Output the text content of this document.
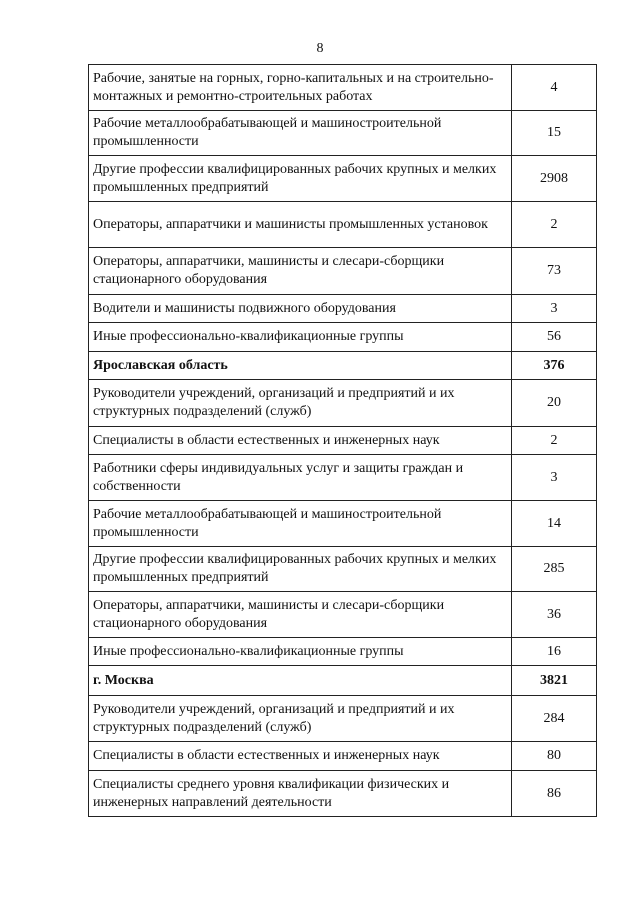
8
Рабочие, занятые на горных, горно-капитальных и на строительно-монтажных и ремонтно-строительных работах	4
Рабочие металлообрабатывающей и машиностроительной промышленности	15
Другие профессии квалифицированных рабочих крупных и мелких промышленных предприятий	2908
Операторы, аппаратчики и машинисты промышленных установок	2
Операторы, аппаратчики, машинисты и слесари-сборщики стационарного оборудования	73
Водители и машинисты подвижного оборудования	3
Иные профессионально-квалификационные группы	56
Ярославская область	376
Руководители учреждений, организаций и предприятий и их структурных подразделений (служб)	20
Специалисты в области естественных и инженерных наук	2
Работники сферы индивидуальных услуг и защиты граждан и собственности	3
Рабочие металлообрабатывающей и машиностроительной промышленности	14
Другие профессии квалифицированных рабочих крупных и мелких промышленных предприятий	285
Операторы, аппаратчики, машинисты и слесари-сборщики стационарного оборудования	36
Иные профессионально-квалификационные группы	16
г. Москва	3821
Руководители учреждений, организаций и предприятий и их структурных подразделений (служб)	284
Специалисты в области естественных и инженерных наук	80
Специалисты среднего уровня квалификации физических и инженерных направлений деятельности	86
